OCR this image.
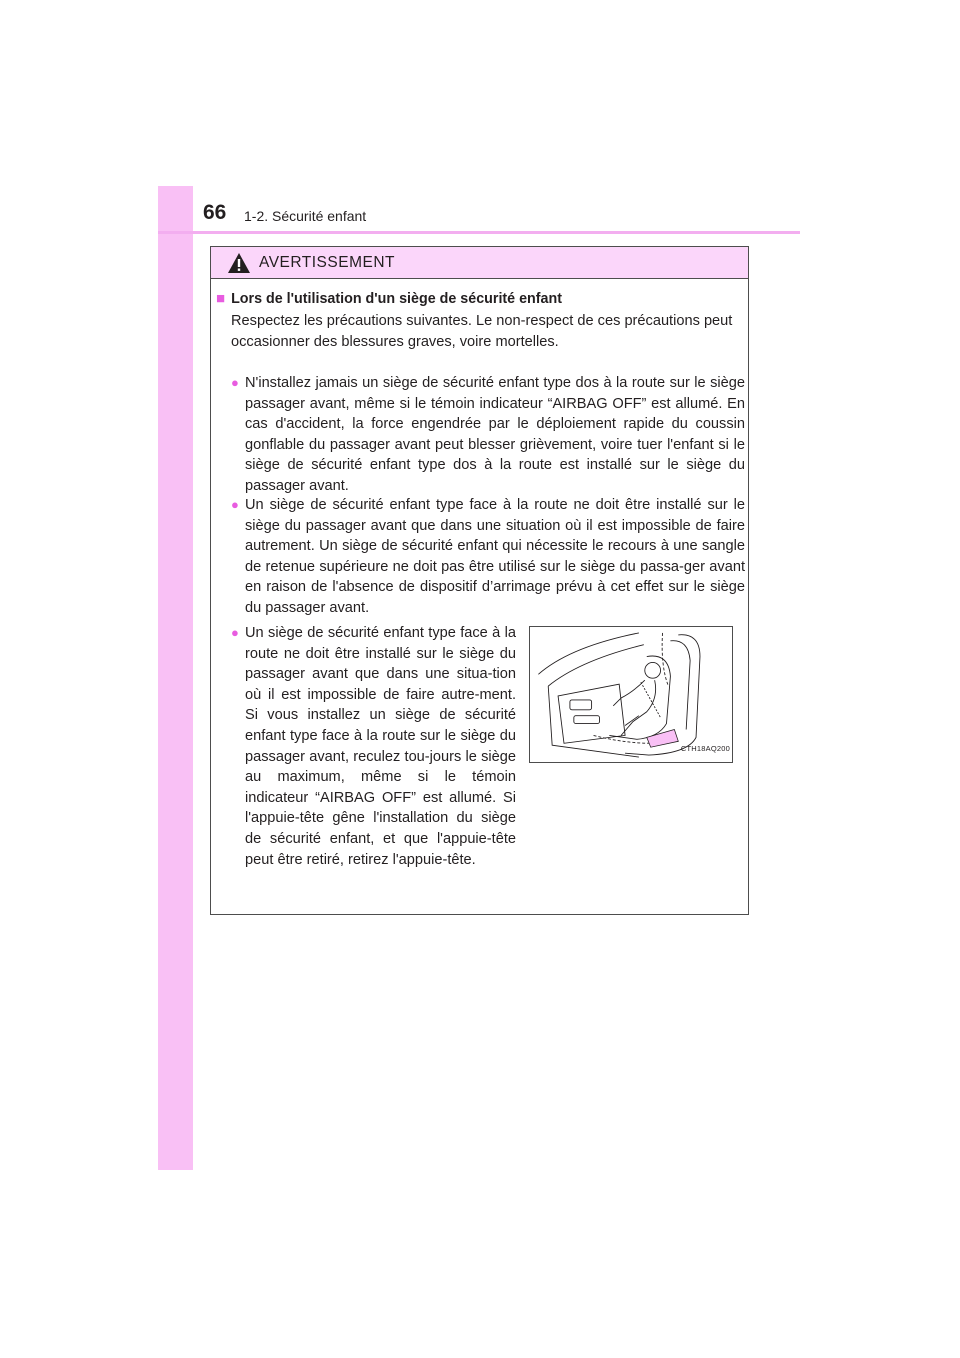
66 1-2. Sécurité enfant
AVERTISSEMENT
■ Lors de l'utilisation d'un siège de sécurité enfant
Respectez les précautions suivantes. Le non-respect de ces précautions peut occasionner des blessures graves, voire mortelles.
● N'installez jamais un siège de sécurité enfant type dos à la route sur le siège passager avant, même si le témoin indicateur “AIRBAG OFF” est allumé. En cas d'accident, la force engendrée par le déploiement rapide du coussin gonflable du passager avant peut blesser grièvement, voire tuer l'enfant si le siège de sécurité enfant type dos à la route est installé sur le siège du passager avant.
● Un siège de sécurité enfant type face à la route ne doit être installé sur le siège du passager avant que dans une situation où il est impossible de faire autrement. Un siège de sécurité enfant qui nécessite le recours à une sangle de retenue supérieure ne doit pas être utilisé sur le siège du passa-ger avant en raison de l'absence de dispositif d’arrimage prévu à cet effet sur le siège du passager avant.
● Un siège de sécurité enfant type face à la route ne doit être installé sur le siège du passager avant que dans une situa-tion où il est impossible de faire autre-ment. Si vous installez un siège de sécurité enfant type face à la route sur le siège du passager avant, reculez tou-jours le siège au maximum, même si le témoin indicateur “AIRBAG OFF” est allumé. Si l'appuie-tête gêne l'installation du siège de sécurité enfant, et que l'appuie-tête peut être retiré, retirez l'appuie-tête.
CTH18AQ200
